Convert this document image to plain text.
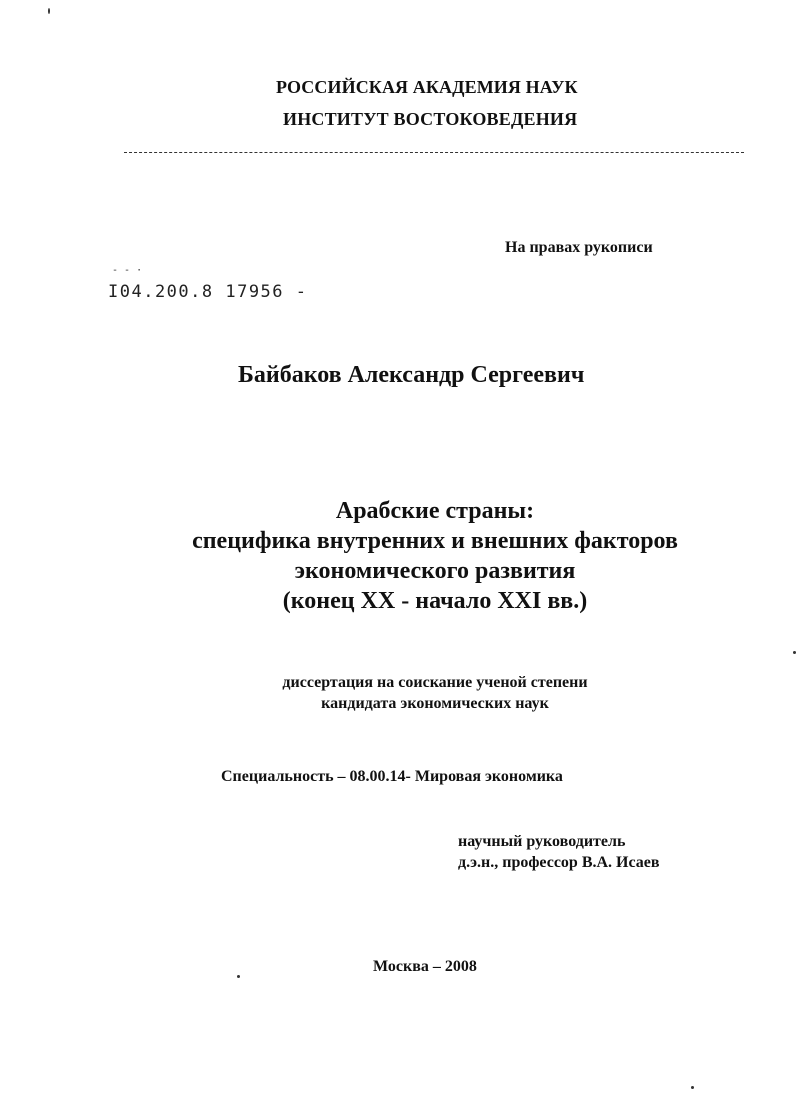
РОССИЙСКАЯ АКАДЕМИЯ НАУК
ИНСТИТУТ ВОСТОКОВЕДЕНИЯ
На правах рукописи
- - ·
I04.200.8 17956 -
Байбаков Александр Сергеевич
Арабские страны:
специфика внутренних и внешних факторов
экономического развития
(конец XX - начало XXI вв.)
диссертация на соискание ученой степени
кандидата экономических наук
Специальность – 08.00.14- Мировая экономика
научный руководитель
д.э.н., профессор В.А. Исаев
Москва – 2008
